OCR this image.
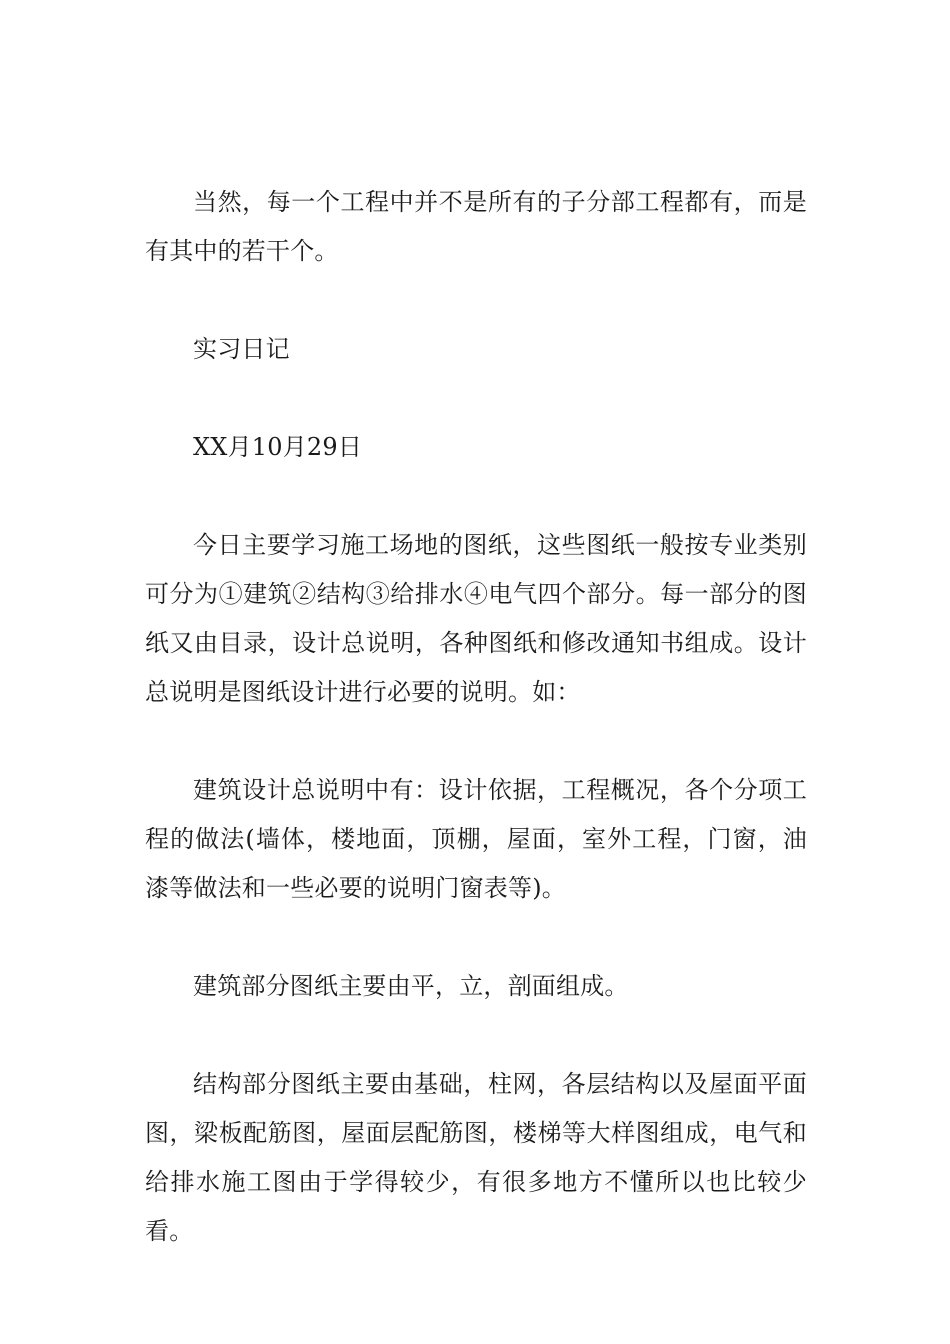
当然，每一个工程中并不是所有的子分部工程都有，而是有其中的若干个。

实习日记

XX月10月29日

今日主要学习施工场地的图纸，这些图纸一般按专业类别可分为①建筑②结构③给排水④电气四个部分。每一部分的图纸又由目录，设计总说明，各种图纸和修改通知书组成。设计总说明是图纸设计进行必要的说明。如：

建筑设计总说明中有：设计依据，工程概况，各个分项工程的做法(墙体，楼地面，顶棚，屋面，室外工程，门窗，油漆等做法和一些必要的说明门窗表等)。

建筑部分图纸主要由平，立，剖面组成。

结构部分图纸主要由基础，柱网，各层结构以及屋面平面图，梁板配筋图，屋面层配筋图，楼梯等大样图组成，电气和给排水施工图由于学得较少，有很多地方不懂所以也比较少看。
